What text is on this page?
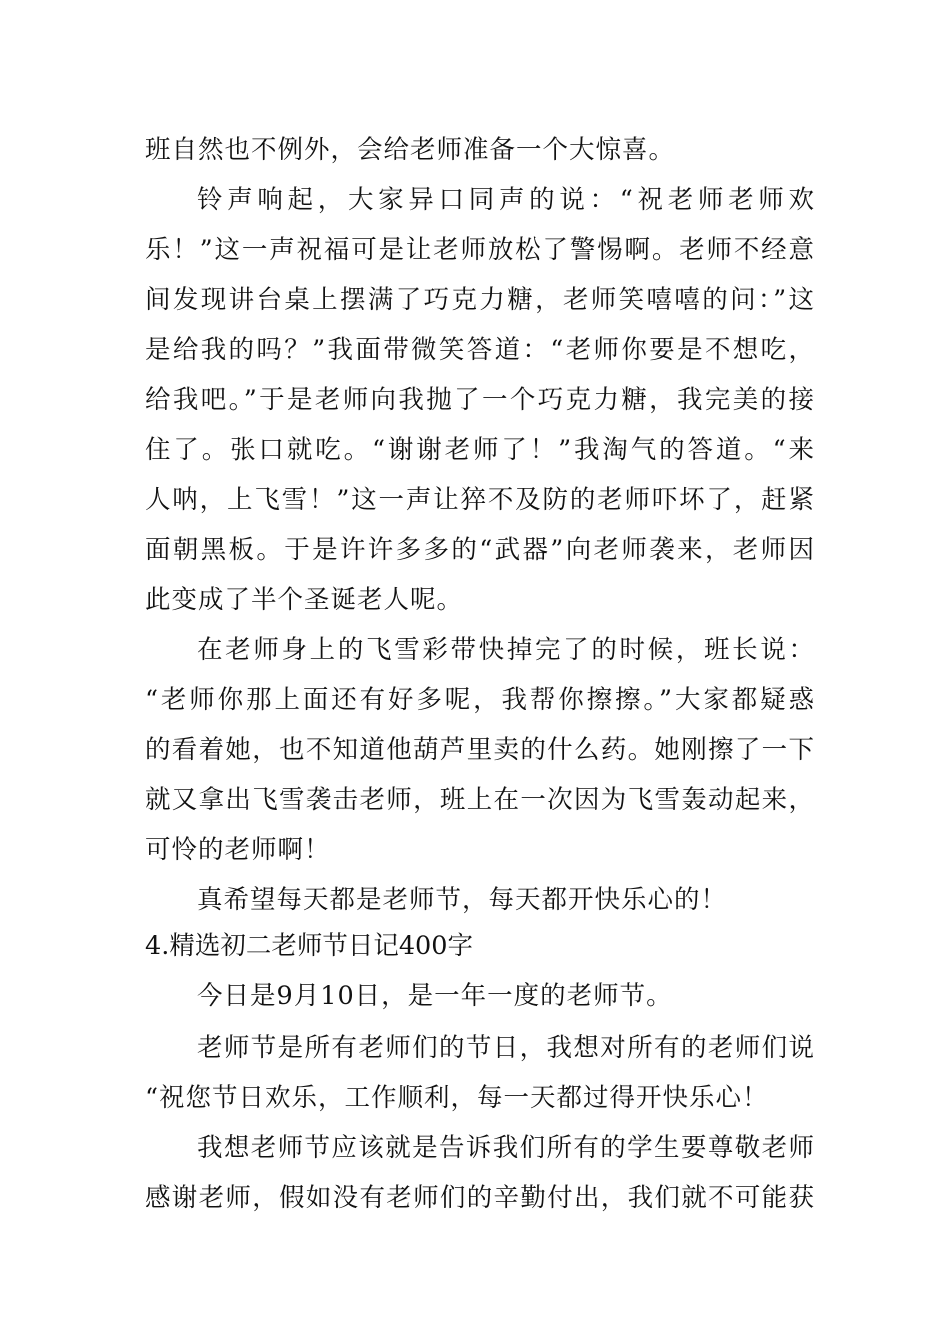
班自然也不例外，会给老师准备一个大惊喜。

铃声响起，大家异口同声的说：“祝老师老师欢

乐！”这一声祝福可是让老师放松了警惕啊。老师不经意

间发现讲台桌上摆满了巧克力糖，老师笑嘻嘻的问：”这

是给我的吗？”我面带微笑答道：“老师你要是不想吃，

给我吧。”于是老师向我抛了一个巧克力糖，我完美的接

住了。张口就吃。“谢谢老师了！”我淘气的答道。“来

人呐，上飞雪！”这一声让猝不及防的老师吓坏了，赶紧

面朝黑板。于是许许多多的“武器”向老师袭来，老师因

此变成了半个圣诞老人呢。

在老师身上的飞雪彩带快掉完了的时候，班长说：

“老师你那上面还有好多呢，我帮你擦擦。”大家都疑惑

的看着她，也不知道他葫芦里卖的什么药。她刚擦了一下

就又拿出飞雪袭击老师，班上在一次因为飞雪轰动起来，

可怜的老师啊！

真希望每天都是老师节，每天都开快乐心的！

4.精选初二老师节日记400字

今日是9月10日，是一年一度的老师节。

老师节是所有老师们的节日，我想对所有的老师们说

“祝您节日欢乐，工作顺利，每一天都过得开快乐心！

我想老师节应该就是告诉我们所有的学生要尊敬老师

感谢老师，假如没有老师们的辛勤付出，我们就不可能获
